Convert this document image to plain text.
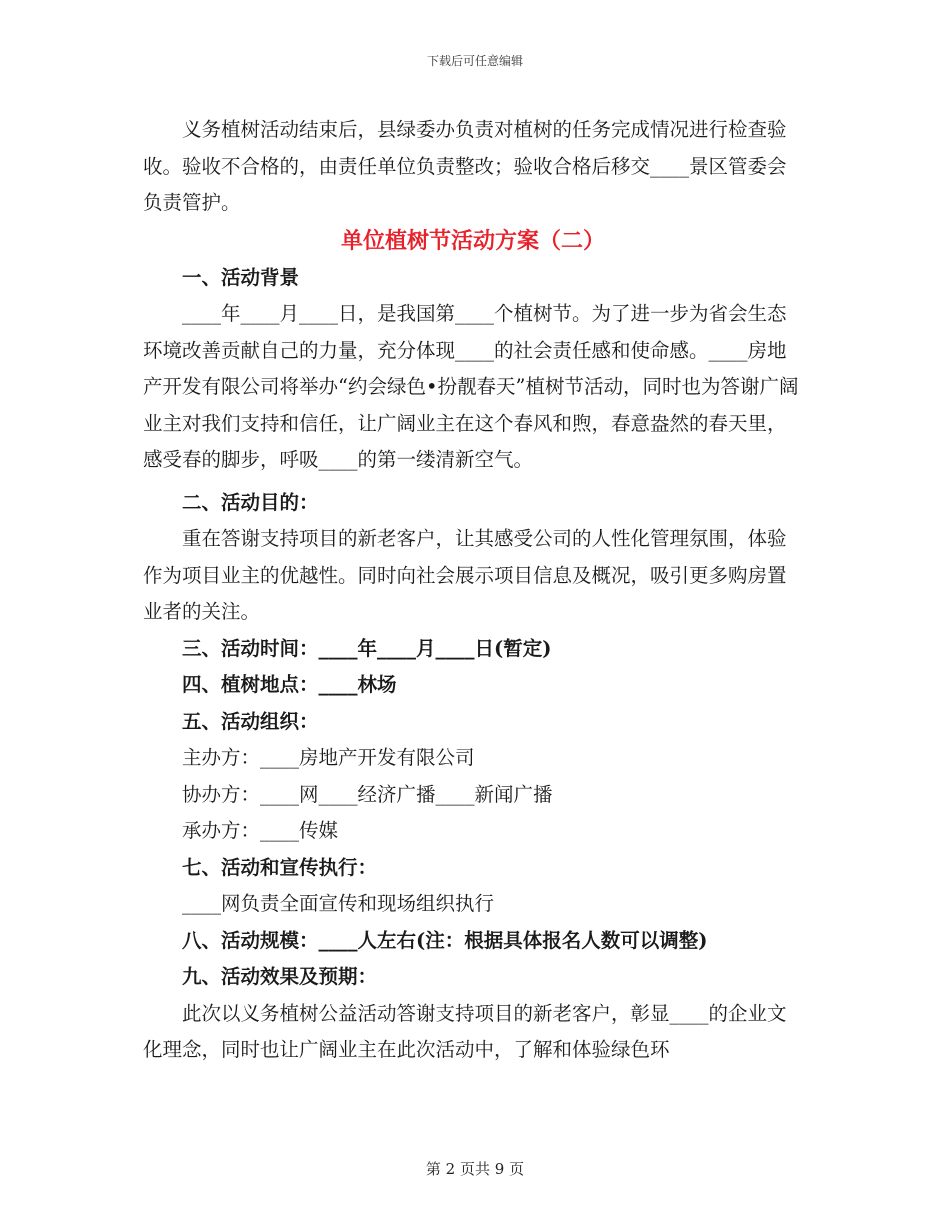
下载后可任意编辑

义务植树活动结束后，县绿委办负责对植树的任务完成情况进行检查验收。验收不合格的，由责任单位负责整改；验收合格后移交____景区管委会负责管护。

单位植树节活动方案（二）

一、活动背景

____年____月____日，是我国第____个植树节。为了进一步为省会生态环境改善贡献自己的力量，充分体现____的社会责任感和使命感。____房地产开发有限公司将举办“约会绿色•扮靓春天”植树节活动，同时也为答谢广阔业主对我们支持和信任，让广阔业主在这个春风和煦，春意盎然的春天里，感受春的脚步，呼吸____的第一缕清新空气。

二、活动目的：

重在答谢支持项目的新老客户，让其感受公司的人性化管理氛围，体验作为项目业主的优越性。同时向社会展示项目信息及概况，吸引更多购房置业者的关注。

三、活动时间：____年____月____日(暂定)

四、植树地点：____林场

五、活动组织：

主办方：____房地产开发有限公司

协办方：____网____经济广播____新闻广播

承办方：____传媒

七、活动和宣传执行：

____网负责全面宣传和现场组织执行

八、活动规模：____人左右(注：根据具体报名人数可以调整)

九、活动效果及预期：

此次以义务植树公益活动答谢支持项目的新老客户，彰显____的企业文化理念，同时也让广阔业主在此次活动中，了解和体验绿色环

第 2 页共 9 页
